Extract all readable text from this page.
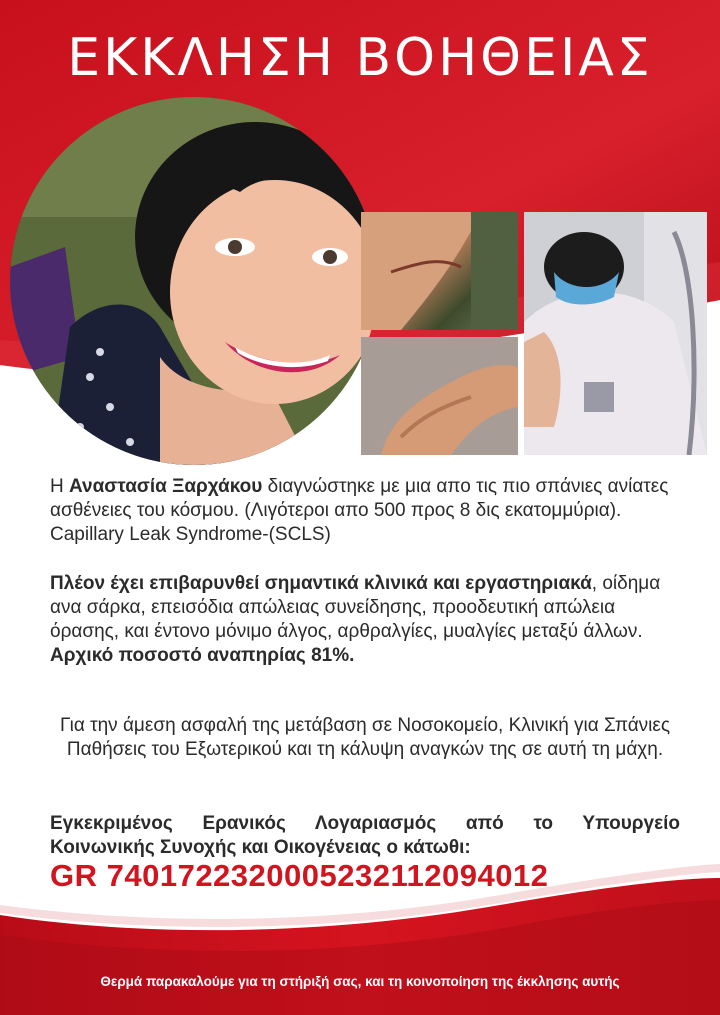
ΕΚΚΛΗΣΗ ΒΟΗΘΕΙΑΣ
Η Αναστασία Ξαρχάκου διαγνώστηκε με μια απο τις πιο σπάνιες ανίατες ασθένειες του κόσμου. (Λιγότεροι απο 500 προς 8 δις εκατομμύρια). Capillary Leak Syndrome-(SCLS)
Πλέον έχει επιβαρυνθεί σημαντικά κλινικά και εργαστηριακά, οίδημα ανα σάρκα, επεισόδια απώλειας συνείδησης, προοδευτική απώλεια όρασης, και έντονο μόνιμο άλγος, αρθραλγίες, μυαλγίες μεταξύ άλλων. Αρχικό ποσοστό αναπηρίας 81%.
Για την άμεση ασφαλή της μετάβαση σε Νοσοκομείο, Κλινική για Σπάνιες Παθήσεις του Εξωτερικού και τη κάλυψη αναγκών της σε αυτή τη μάχη.
Εγκεκριμένος Ερανικός Λογαριασμός από το Υπουργείο
Κοινωνικής Συνοχής και Οικογένειας ο κάτωθι:
GR 7401722320005232112094012
Θερμά παρακαλούμε για τη στήριξή σας, και τη κοινοποίηση της έκκλησης αυτής
